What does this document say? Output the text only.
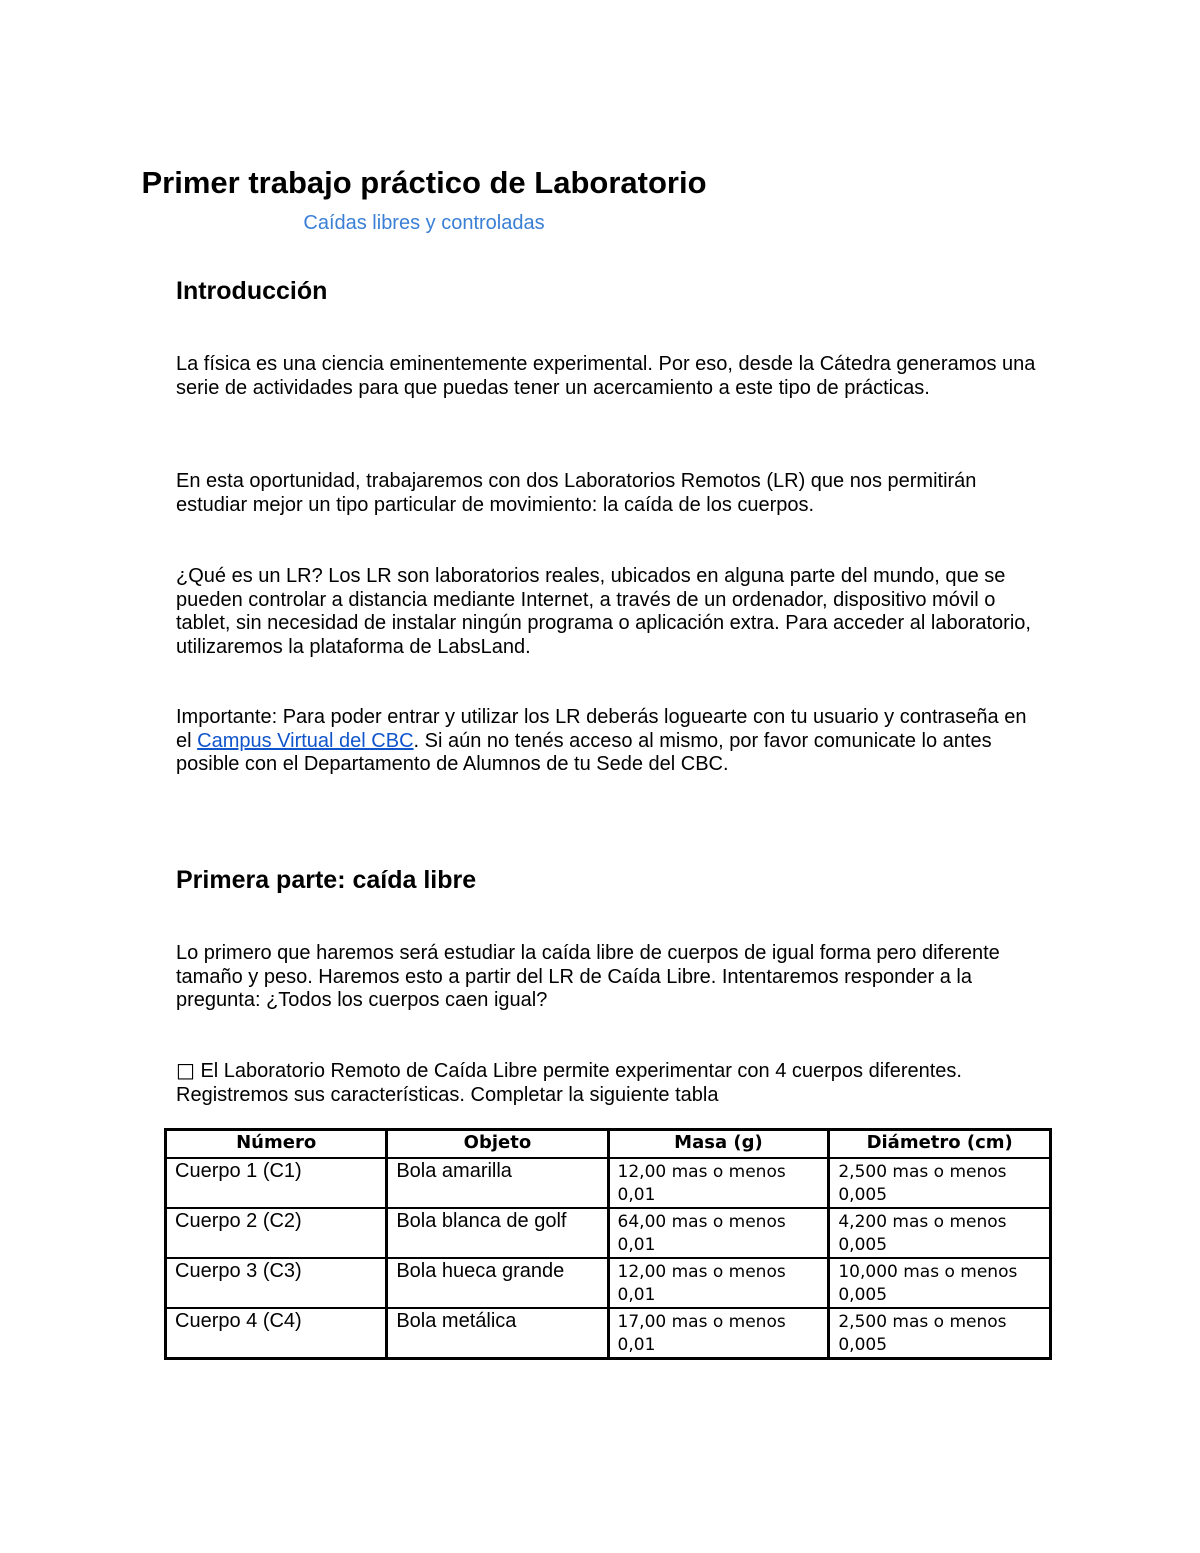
Primer trabajo práctico de Laboratorio

Caídas libres y controladas

Introducción

La física es una ciencia eminentemente experimental. Por eso, desde la Cátedra generamos una serie de actividades para que puedas tener un acercamiento a este tipo de prácticas.

En esta oportunidad, trabajaremos con dos Laboratorios Remotos (LR) que nos permitirán estudiar mejor un tipo particular de movimiento: la caída de los cuerpos.

¿Qué es un LR? Los LR son laboratorios reales, ubicados en alguna parte del mundo, que se pueden controlar a distancia mediante Internet, a través de un ordenador, dispositivo móvil o tablet, sin necesidad de instalar ningún programa o aplicación extra. Para acceder al laboratorio, utilizaremos la plataforma de LabsLand.

Importante: Para poder entrar y utilizar los LR deberás loguearte con tu usuario y contraseña en el Campus Virtual del CBC. Si aún no tenés acceso al mismo, por favor comunicate lo antes posible con el Departamento de Alumnos de tu Sede del CBC.

Primera parte: caída libre

Lo primero que haremos será estudiar la caída libre de cuerpos de igual forma pero diferente tamaño y peso. Haremos esto a partir del LR de Caída Libre. Intentaremos responder a la pregunta: ¿Todos los cuerpos caen igual?

□ El Laboratorio Remoto de Caída Libre permite experimentar con 4 cuerpos diferentes. Registremos sus características. Completar la siguiente tabla

Número	Objeto	Masa (g)	Diámetro (cm)
Cuerpo 1 (C1)	Bola amarilla	12,00 mas o menos 0,01	2,500 mas o menos 0,005
Cuerpo 2 (C2)	Bola blanca de golf	64,00 mas o menos 0,01	4,200 mas o menos 0,005
Cuerpo 3 (C3)	Bola hueca grande	12,00 mas o menos 0,01	10,000 mas o menos 0,005
Cuerpo 4 (C4)	Bola metálica	17,00 mas o menos 0,01	2,500 mas o menos 0,005
